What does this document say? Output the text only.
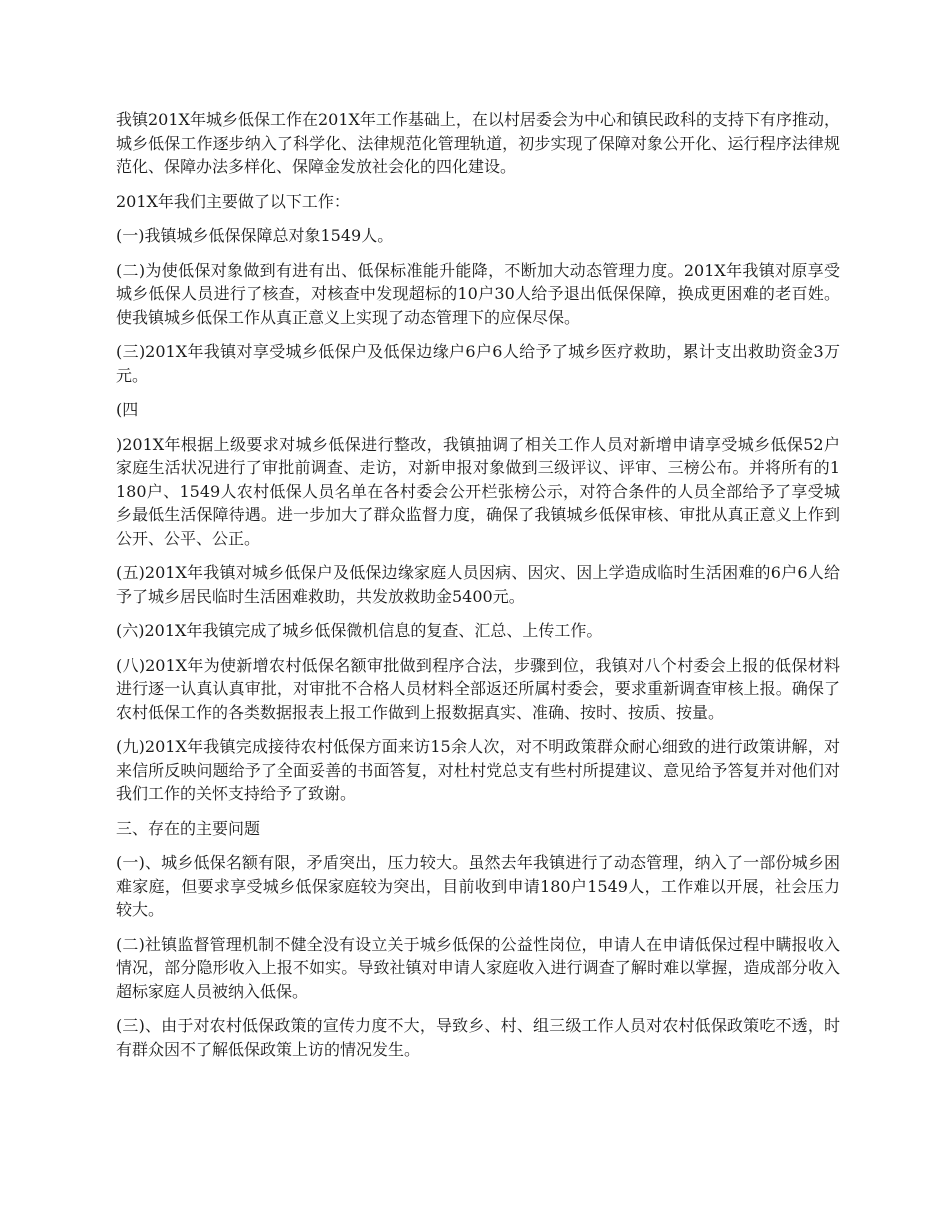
我镇201X年城乡低保工作在201X年工作基础上，在以村居委会为中心和镇民政科的支持下有序推动，城乡低保工作逐步纳入了科学化、法律规范化管理轨道，初步实现了保障对象公开化、运行程序法律规范化、保障办法多样化、保障金发放社会化的四化建设。

201X年我们主要做了以下工作：

(一)我镇城乡低保保障总对象1549人。

(二)为使低保对象做到有进有出、低保标准能升能降，不断加大动态管理力度。201X年我镇对原享受城乡低保人员进行了核查，对核查中发现超标的10户30人给予退出低保保障，换成更困难的老百姓。使我镇城乡低保工作从真正意义上实现了动态管理下的应保尽保。

(三)201X年我镇对享受城乡低保户及低保边缘户6户6人给予了城乡医疗救助，累计支出救助资金3万元。

(四

)201X年根据上级要求对城乡低保进行整改，我镇抽调了相关工作人员对新增申请享受城乡低保52户家庭生活状况进行了审批前调查、走访，对新申报对象做到三级评议、评审、三榜公布。并将所有的1180户、1549人农村低保人员名单在各村委会公开栏张榜公示，对符合条件的人员全部给予了享受城乡最低生活保障待遇。进一步加大了群众监督力度，确保了我镇城乡低保审核、审批从真正意义上作到公开、公平、公正。

(五)201X年我镇对城乡低保户及低保边缘家庭人员因病、因灾、因上学造成临时生活困难的6户6人给予了城乡居民临时生活困难救助，共发放救助金5400元。

(六)201X年我镇完成了城乡低保微机信息的复查、汇总、上传工作。

(八)201X年为使新增农村低保名额审批做到程序合法，步骤到位，我镇对八个村委会上报的低保材料进行逐一认真认真审批，对审批不合格人员材料全部返还所属村委会，要求重新调查审核上报。确保了农村低保工作的各类数据报表上报工作做到上报数据真实、准确、按时、按质、按量。

(九)201X年我镇完成接待农村低保方面来访15余人次，对不明政策群众耐心细致的进行政策讲解，对来信所反映问题给予了全面妥善的书面答复，对杜村党总支有些村所提建议、意见给予答复并对他们对我们工作的关怀支持给予了致谢。

三、存在的主要问题

(一)、城乡低保名额有限，矛盾突出，压力较大。虽然去年我镇进行了动态管理，纳入了一部份城乡困难家庭，但要求享受城乡低保家庭较为突出，目前收到申请180户1549人，工作难以开展，社会压力较大。

(二)社镇监督管理机制不健全没有设立关于城乡低保的公益性岗位，申请人在申请低保过程中瞒报收入情况，部分隐形收入上报不如实。导致社镇对申请人家庭收入进行调查了解时难以掌握，造成部分收入超标家庭人员被纳入低保。

(三)、由于对农村低保政策的宣传力度不大，导致乡、村、组三级工作人员对农村低保政策吃不透，时有群众因不了解低保政策上访的情况发生。
